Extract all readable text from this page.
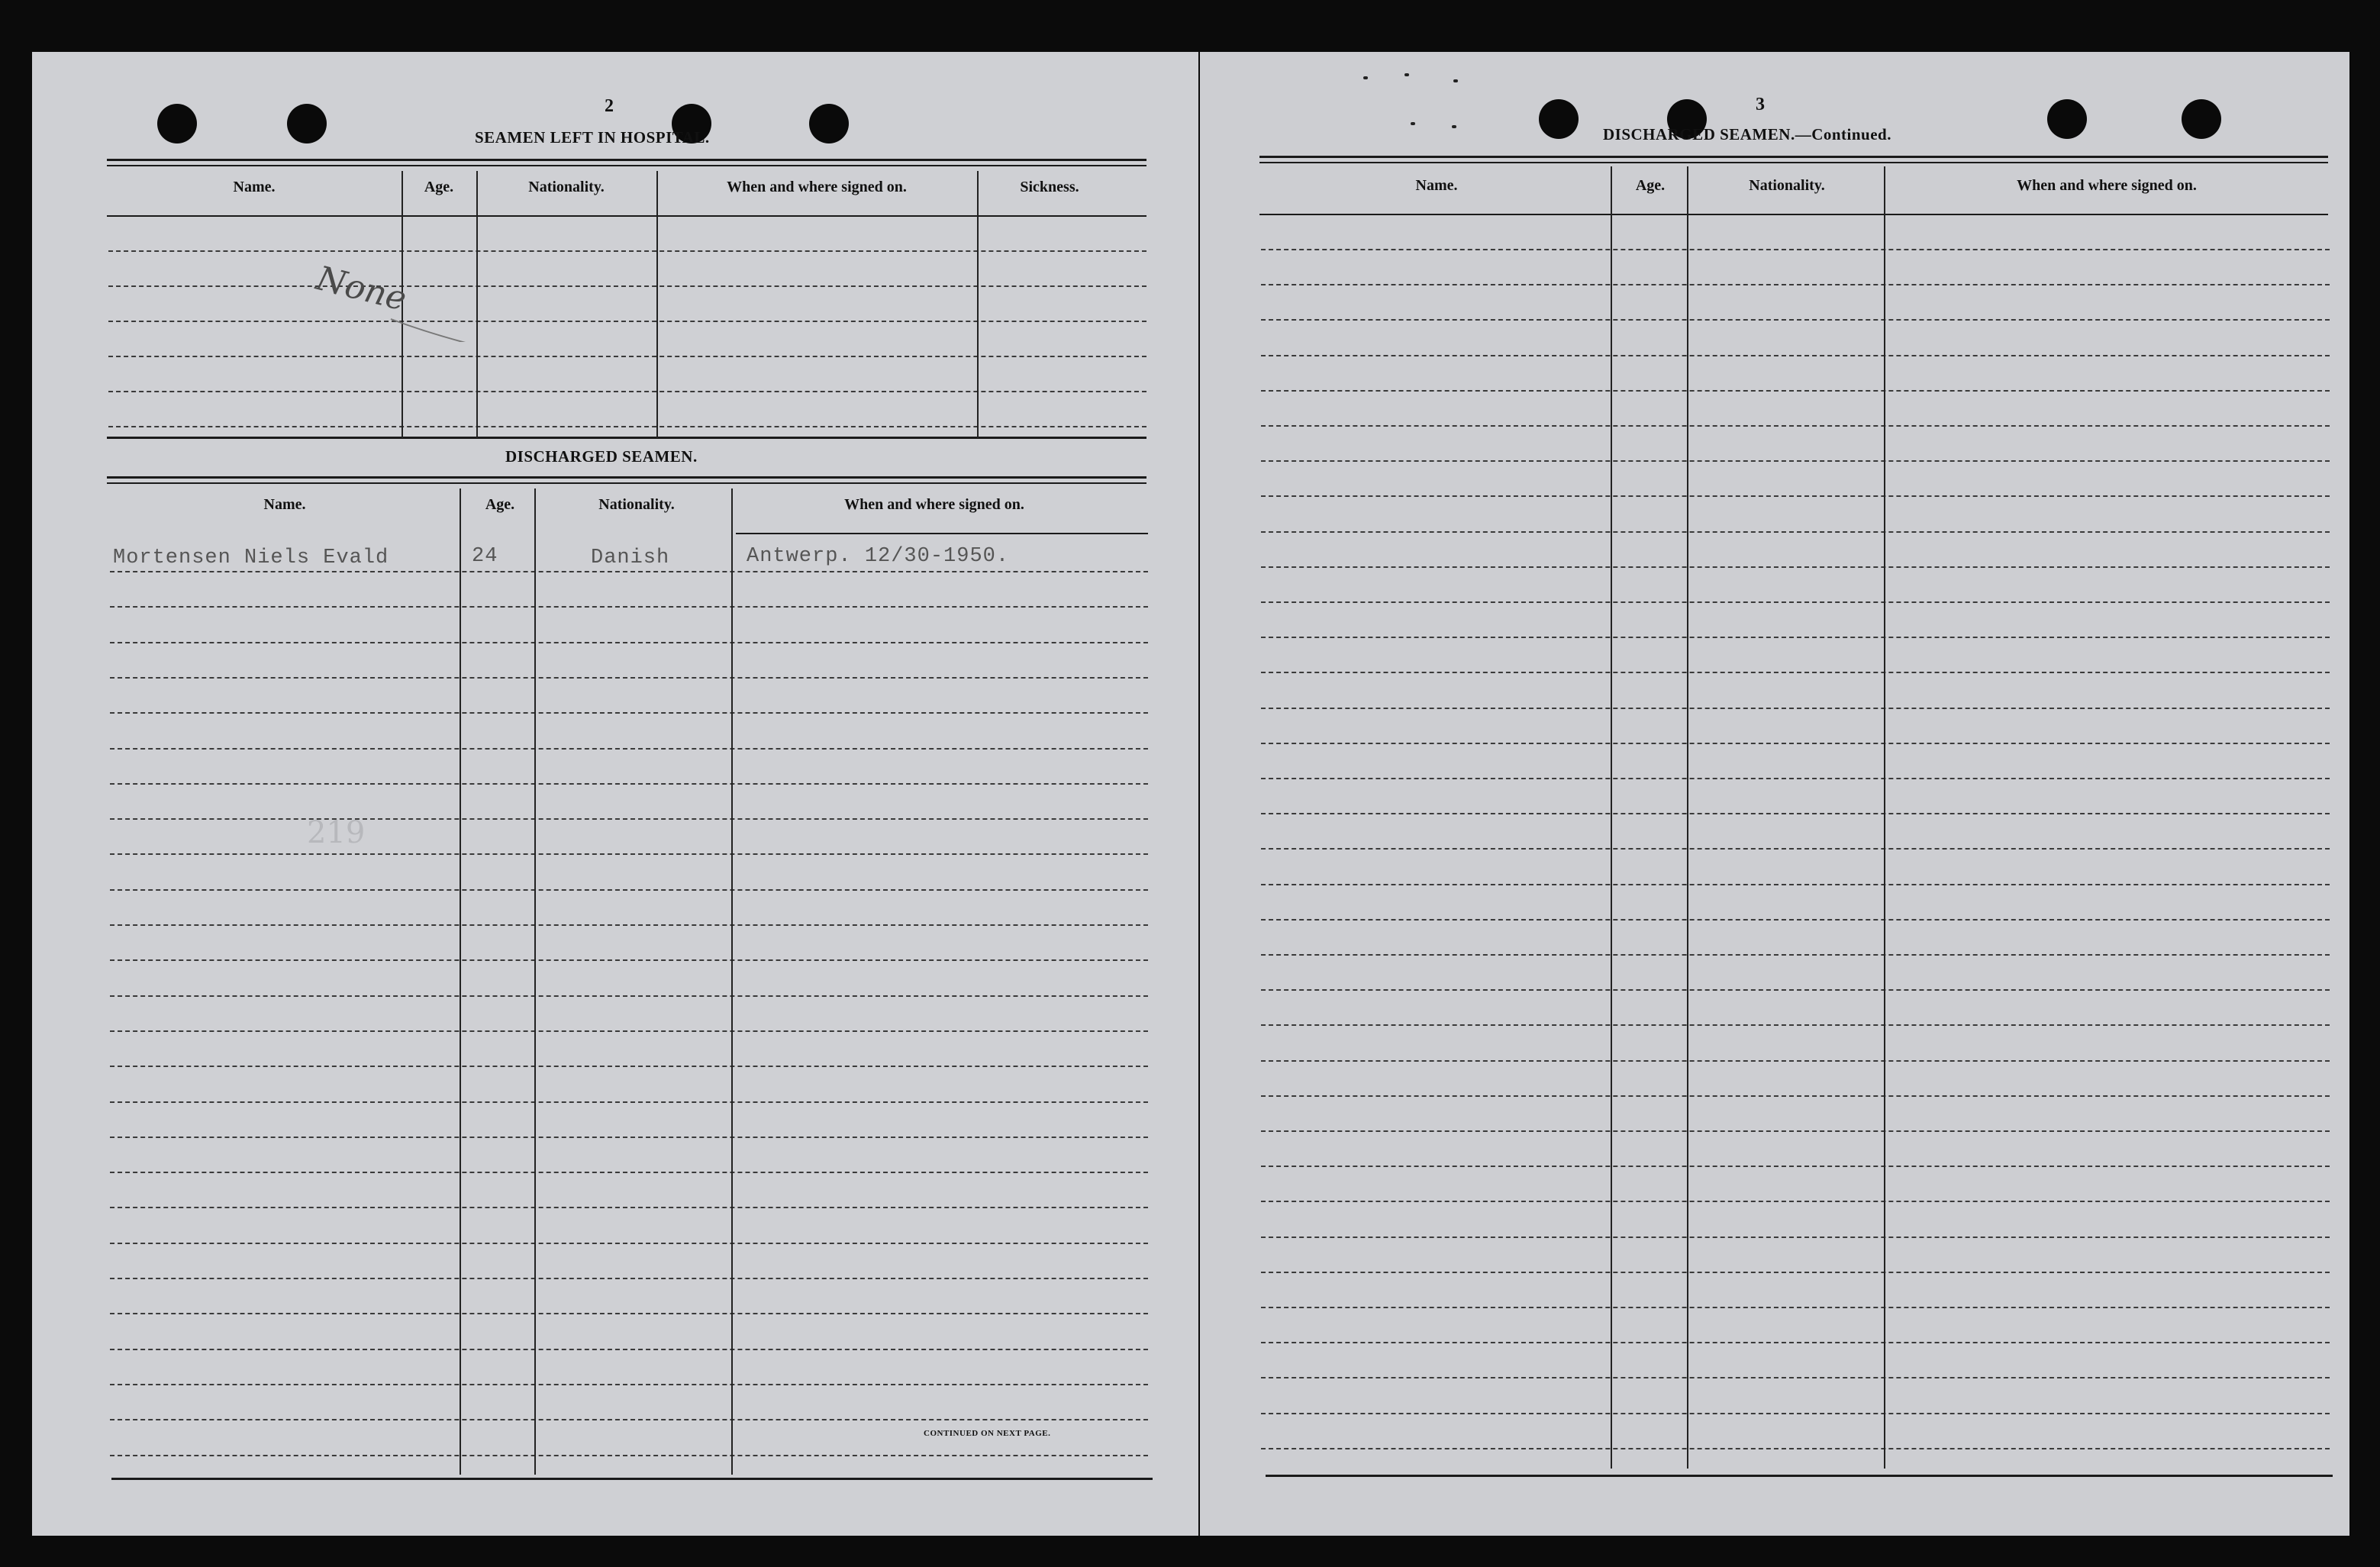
2
SEAMEN LEFT IN HOSPITAL.
Name.	Age.	Nationality.	When and where signed on.	Sickness.
None
DISCHARGED SEAMEN.
Name.	Age.	Nationality.	When and where signed on.
Mortensen Niels Evald	24	Danish	Antwerp. 12/30-1950.
219
CONTINUED ON NEXT PAGE.
3
DISCHARGED SEAMEN.—Continued.
Name.	Age.	Nationality.	When and where signed on.
